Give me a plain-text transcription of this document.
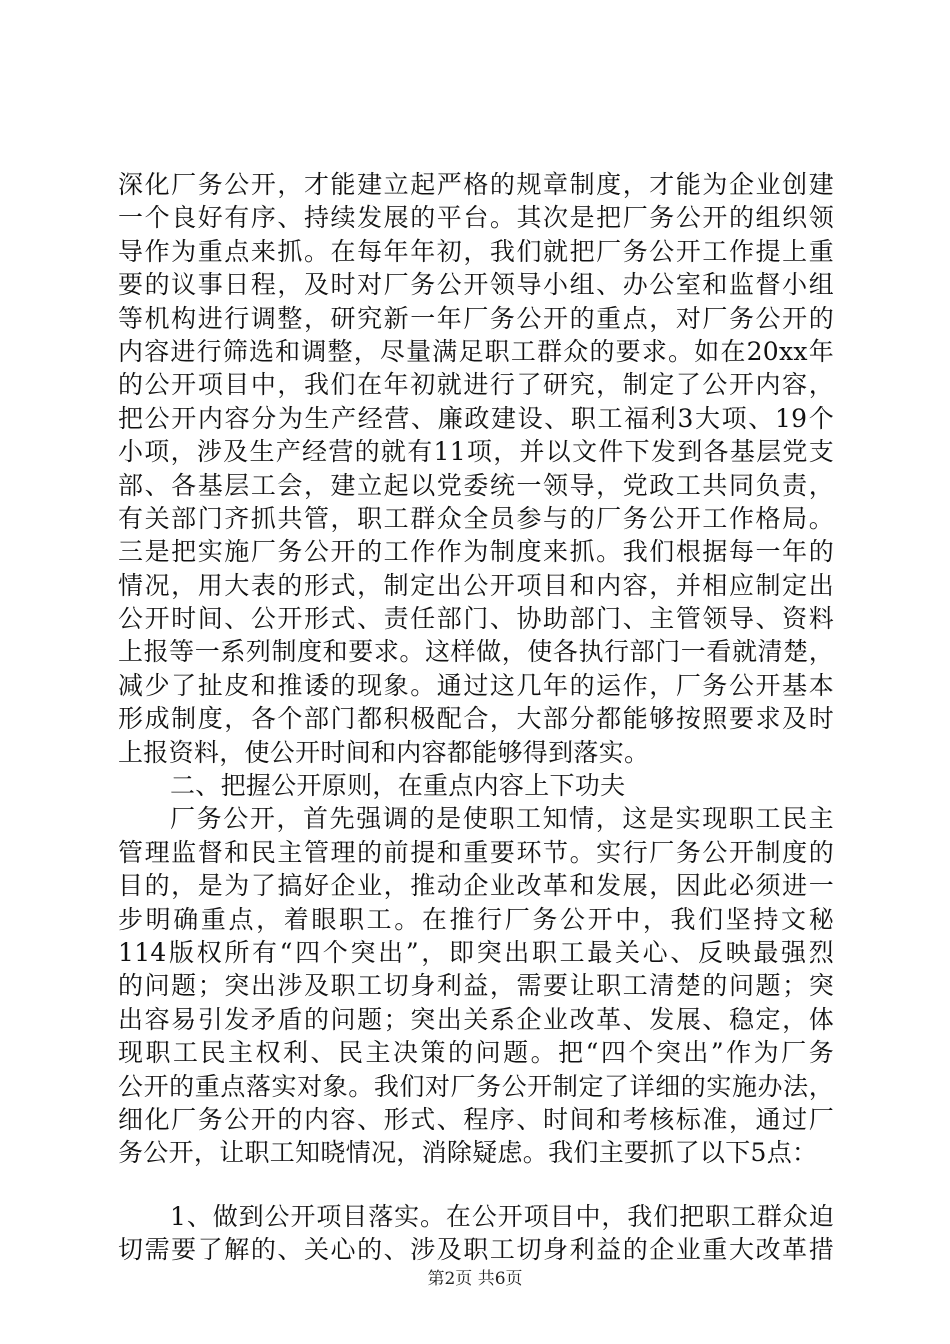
深化厂务公开，才能建立起严格的规章制度，才能为企业创建
一个良好有序、持续发展的平台。其次是把厂务公开的组织领
导作为重点来抓。在每年年初，我们就把厂务公开工作提上重
要的议事日程，及时对厂务公开领导小组、办公室和监督小组
等机构进行调整，研究新一年厂务公开的重点，对厂务公开的
内容进行筛选和调整，尽量满足职工群众的要求。如在20xx年
的公开项目中，我们在年初就进行了研究，制定了公开内容，
把公开内容分为生产经营、廉政建设、职工福利3大项、19个
小项，涉及生产经营的就有11项，并以文件下发到各基层党支
部、各基层工会，建立起以党委统一领导，党政工共同负责，
有关部门齐抓共管，职工群众全员参与的厂务公开工作格局。
三是把实施厂务公开的工作作为制度来抓。我们根据每一年的
情况，用大表的形式，制定出公开项目和内容，并相应制定出
公开时间、公开形式、责任部门、协助部门、主管领导、资料
上报等一系列制度和要求。这样做，使各执行部门一看就清楚，
减少了扯皮和推诿的现象。通过这几年的运作，厂务公开基本
形成制度，各个部门都积极配合，大部分都能够按照要求及时
上报资料，使公开时间和内容都能够得到落实。
二、把握公开原则，在重点内容上下功夫
厂务公开，首先强调的是使职工知情，这是实现职工民主
管理监督和民主管理的前提和重要环节。实行厂务公开制度的
目的，是为了搞好企业，推动企业改革和发展，因此必须进一
步明确重点，着眼职工。在推行厂务公开中，我们坚持文秘
114版权所有“四个突出”，即突出职工最关心、反映最强烈
的问题；突出涉及职工切身利益，需要让职工清楚的问题；突
出容易引发矛盾的问题；突出关系企业改革、发展、稳定，体
现职工民主权利、民主决策的问题。把“四个突出”作为厂务
公开的重点落实对象。我们对厂务公开制定了详细的实施办法，
细化厂务公开的内容、形式、程序、时间和考核标准，通过厂
务公开，让职工知晓情况，消除疑虑。我们主要抓了以下5点：
1、做到公开项目落实。在公开项目中，我们把职工群众迫
切需要了解的、关心的、涉及职工切身利益的企业重大改革措
第2页 共6页
